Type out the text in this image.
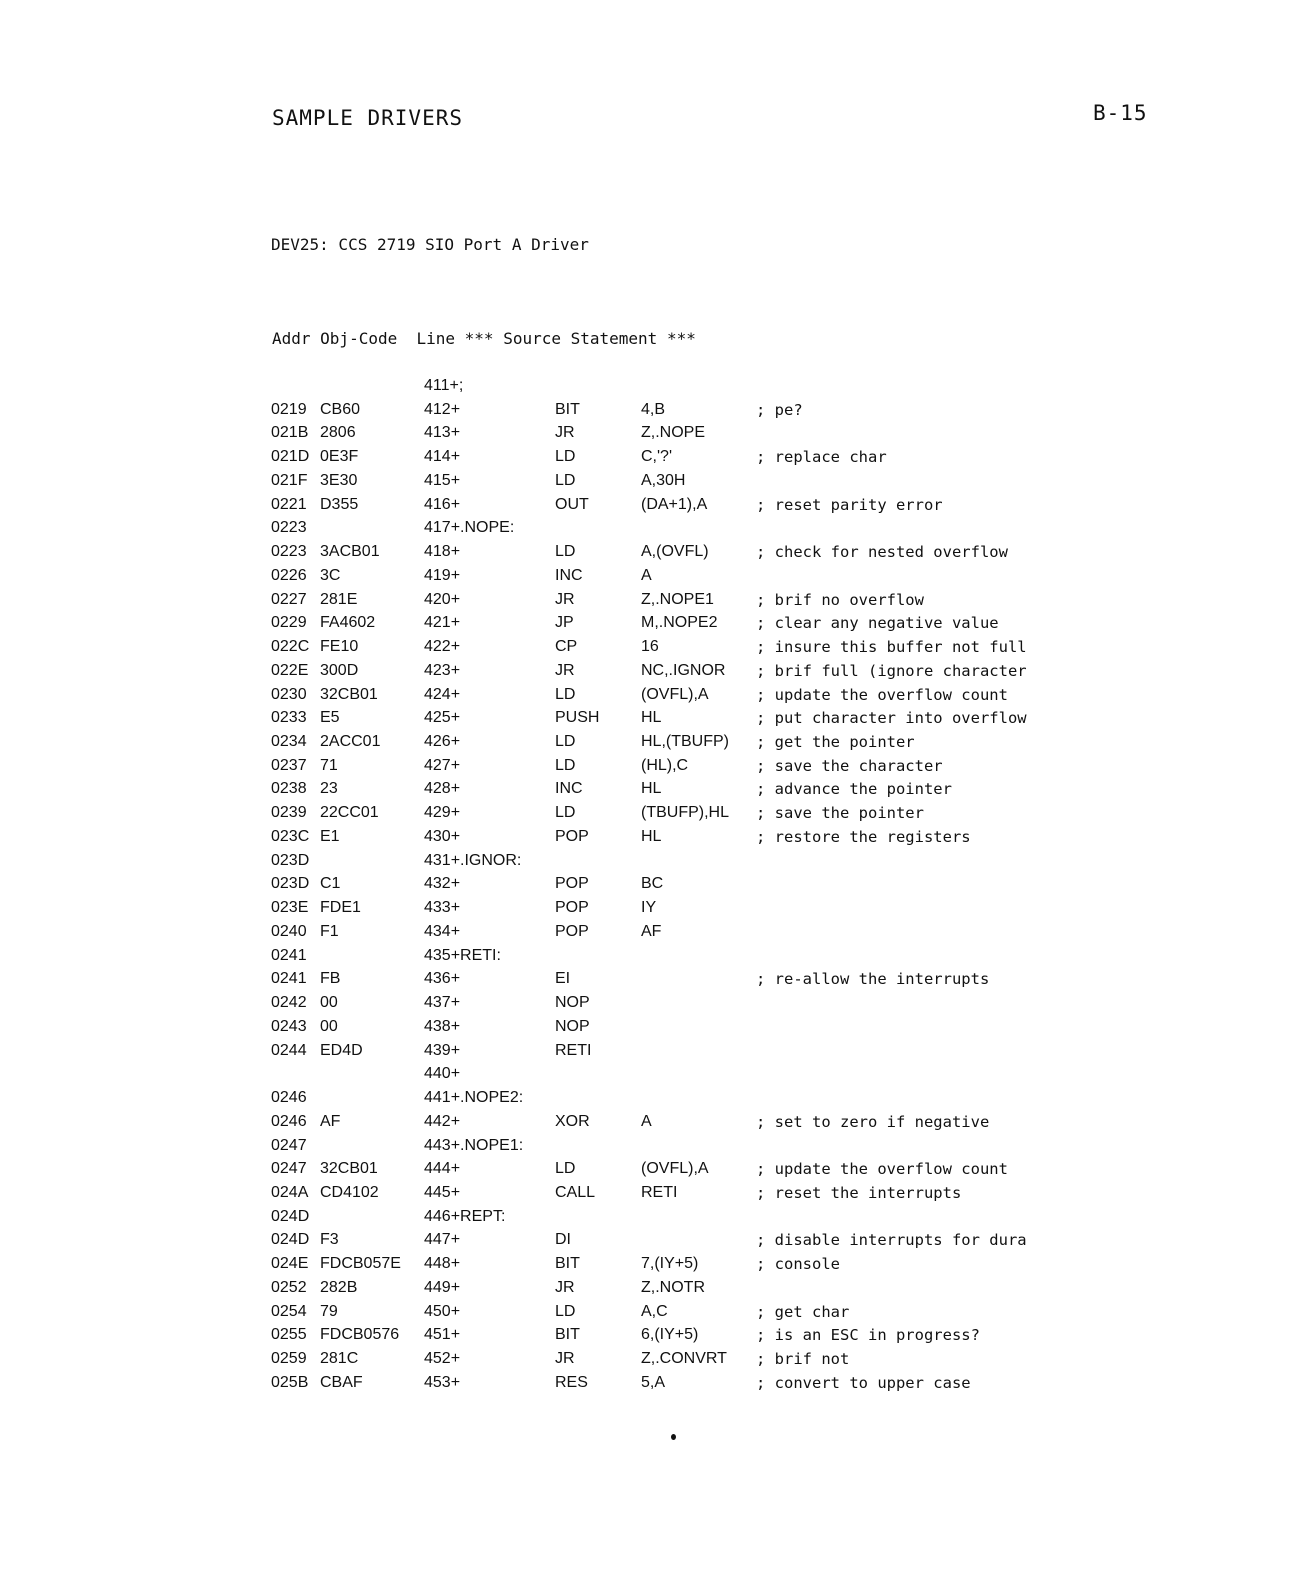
SAMPLE DRIVERS	B-15
DEV25: CCS 2719 SIO Port A Driver
Addr Obj-Code  Line *** Source Statement ***
411+;
0219 CB60	412+	BIT	4,B	; pe?
021B 2806	413+	JR	Z,.NOPE
021D 0E3F	414+	LD	C,'?'	; replace char
021F 3E30	415+	LD	A,30H
0221 D355	416+	OUT	(DA+1),A	; reset parity error
0223	417+.NOPE:
0223 3ACB01	418+	LD	A,(OVFL)	; check for nested overflow
0226 3C	419+	INC	A
0227 281E	420+	JR	Z,.NOPE1	; brif no overflow
0229 FA4602	421+	JP	M,.NOPE2 ; clear any negative value
022C FE10	422+	CP	16	; insure this buffer not full
022E 300D	423+	JR	NC,.IGNOR ; brif full (ignore character
0230 32CB01	424+	LD	(OVFL),A	; update the overflow count
0233 E5	425+	PUSH	HL	; put character into overflow
0234 2ACC01	426+	LD	HL,(TBUFP) ; get the pointer
0237 71	427+	LD	(HL),C	; save the character
0238 23	428+	INC	HL	; advance the pointer
0239 22CC01	429+	LD	(TBUFP),HL ; save the pointer
023C E1	430+	POP	HL	; restore the registers
023D	431+.IGNOR:
023D C1	432+	POP	BC
023E FDE1	433+	POP	IY
0240 F1	434+	POP	AF
0241	435+RETI:
0241 FB	436+	EI	; re-allow the interrupts
0242 00	437+	NOP
0243 00	438+	NOP
0244 ED4D	439+	RETI
440+
0246	441+.NOPE2:
0246 AF	442+	XOR	A	; set to zero if negative
0247	443+.NOPE1:
0247 32CB01	444+	LD	(OVFL),A	; update the overflow count
024A CD4102	445+	CALL	RETI	; reset the interrupts
024D	446+REPT:
024D F3	447+	DI	; disable interrupts for dura
024E FDCB057E 448+	BIT	7,(IY+5)	; console
0252 282B	449+	JR	Z,.NOTR
0254 79	450+	LD	A,C	; get char
0255 FDCB0576 451+	BIT	6,(IY+5)	; is an ESC in progress?
0259 281C	452+	JR	Z,.CONVRT ; brif not
025B CBAF	453+	RES	5,A	; convert to upper case
